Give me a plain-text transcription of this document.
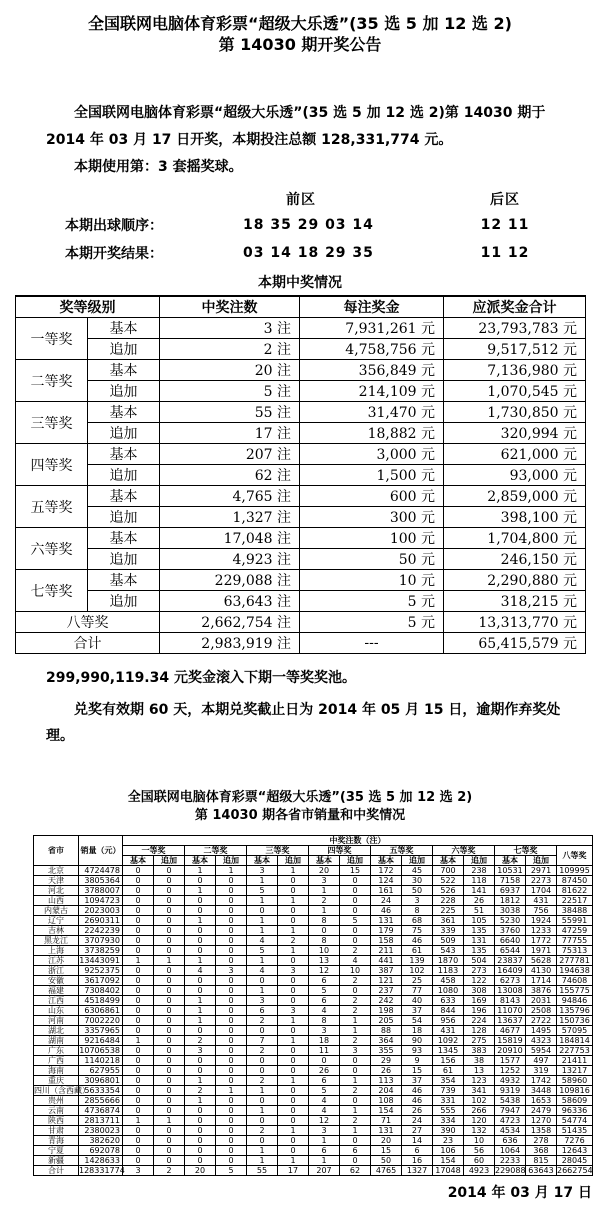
全国联网电脑体育彩票“超级大乐透”(35 选 5 加 12 选 2)
第 14030 期开奖公告

全国联网电脑体育彩票“超级大乐透”(35 选 5 加 12 选 2)第 14030 期于 2014 年 03 月 17 日开奖，本期投注总额 128,331,774 元。

本期使用第：3 套摇奖球。

前区	后区
本期出球顺序：	18 35 29 03 14	12 11
本期开奖结果：	03 14 18 29 35	11 12
本期中奖情况
奖等级别		中奖注数	每注奖金	应派奖金合计
一等奖	基本	3 注	7,931,261 元	23,793,783 元
	追加	2 注	4,758,756 元	9,517,512 元
二等奖	基本	20 注	356,849 元	7,136,980 元
	追加	5 注	214,109 元	1,070,545 元
三等奖	基本	55 注	31,470 元	1,730,850 元
	追加	17 注	18,882 元	320,994 元
四等奖	基本	207 注	3,000 元	621,000 元
	追加	62 注	1,500 元	93,000 元
五等奖	基本	4,765 注	600 元	2,859,000 元
	追加	1,327 注	300 元	398,100 元
六等奖	基本	17,048 注	100 元	1,704,800 元
	追加	4,923 注	50 元	246,150 元
七等奖	基本	229,088 注	10 元	2,290,880 元
	追加	63,643 注	5 元	318,215 元
八等奖		2,662,754 注	5 元	13,313,770 元
合计		2,983,919 注	---	65,415,579 元

299,990,119.34 元奖金滚入下期一等奖奖池。

兑奖有效期 60 天，本期兑奖截止日为 2014 年 05 月 15 日，逾期作弃奖处理。

全国联网电脑体育彩票“超级大乐透”(35 选 5 加 12 选 2)
第 14030 期各省市销量和中奖情况
省市	销量（元）	中奖注数（注）														
		一等奖		二等奖		三等奖		四等奖		五等奖		六等奖		七等奖		八等奖
		基本	追加	基本	追加	基本	追加	基本	追加	基本	追加	基本	追加	基本	追加	
北京	4724478	0	0	1	1	3	1	20	15	172	45	700	238	10531	2971	109995
天津	3805364	0	0	0	0	1	0	3	0	124	30	522	118	7158	2273	87450
河北	3788007	0	0	1	0	5	0	1	0	161	50	526	141	6937	1704	81622
山西	1094723	0	0	0	0	1	1	2	0	24	3	228	26	1812	431	22517
内蒙古	2023003	0	0	0	0	0	0	1	0	46	8	225	51	3038	756	38488
辽宁	2690311	0	0	1	0	1	0	8	5	131	68	361	105	5230	1924	55991
吉林	2242239	0	0	0	0	1	1	0	0	179	75	339	135	3760	1233	47259
黑龙江	3707930	0	0	0	0	4	2	8	0	158	46	509	131	6640	1772	77755
上海	3738259	0	0	0	0	5	1	10	2	211	61	543	135	6544	1971	75313
江苏	13443091	1	1	1	0	1	0	13	4	441	139	1870	504	23837	5628	277781
浙江	9252375	0	0	4	3	4	3	12	10	387	102	1183	273	16409	4130	194638
安徽	3617092	0	0	0	0	0	0	6	2	121	25	458	122	6273	1714	74608
福建	7308402	0	0	0	0	1	0	5	0	237	77	1080	308	13008	3876	155775
江西	4518499	0	0	1	0	3	0	6	2	242	40	633	169	8143	2031	94846
山东	6306861	0	0	1	0	6	3	4	2	198	37	844	196	11070	2508	135796
河南	7002220	0	0	1	0	2	1	8	1	205	54	956	224	13637	2722	150736
湖北	3357965	0	0	0	0	0	0	3	1	88	18	431	128	4677	1495	57095
湖南	9216484	1	0	2	0	7	1	18	2	364	90	1092	275	15819	4323	184814
广东	10706538	0	0	3	0	2	0	11	3	355	93	1345	383	20910	5954	227753
广西	1140218	0	0	0	0	0	0	0	0	29	9	156	38	1577	497	21411
海南	627955	0	0	0	0	0	0	26	0	26	15	61	13	1252	319	13217
重庆	3096801	0	0	1	0	2	1	6	1	113	37	354	123	4932	1742	58960
四川（含西藏）	5633354	0	0	2	1	1	0	5	2	204	46	739	341	9319	3448	109816
贵州	2855666	0	0	1	0	0	0	4	0	108	46	331	102	5438	1653	58609
云南	4736874	0	0	0	0	1	0	4	1	154	26	555	266	7947	2479	96336
陕西	2813711	1	1	0	0	0	0	12	2	71	24	334	120	4723	1270	54774
甘肃	2380023	0	0	0	0	2	1	3	1	131	27	390	132	4534	1358	51435
青海	382620	0	0	0	0	0	0	1	0	20	14	23	10	636	278	7276
宁夏	692078	0	0	0	0	1	0	6	6	15	6	106	56	1064	368	12643
新疆	1428633	0	0	0	0	1	1	1	0	50	16	154	60	2233	815	28045
合计	128331774	3	2	20	5	55	17	207	62	4765	1327	17048	4923	229088	63643	2662754
2014 年 03 月 17 日
